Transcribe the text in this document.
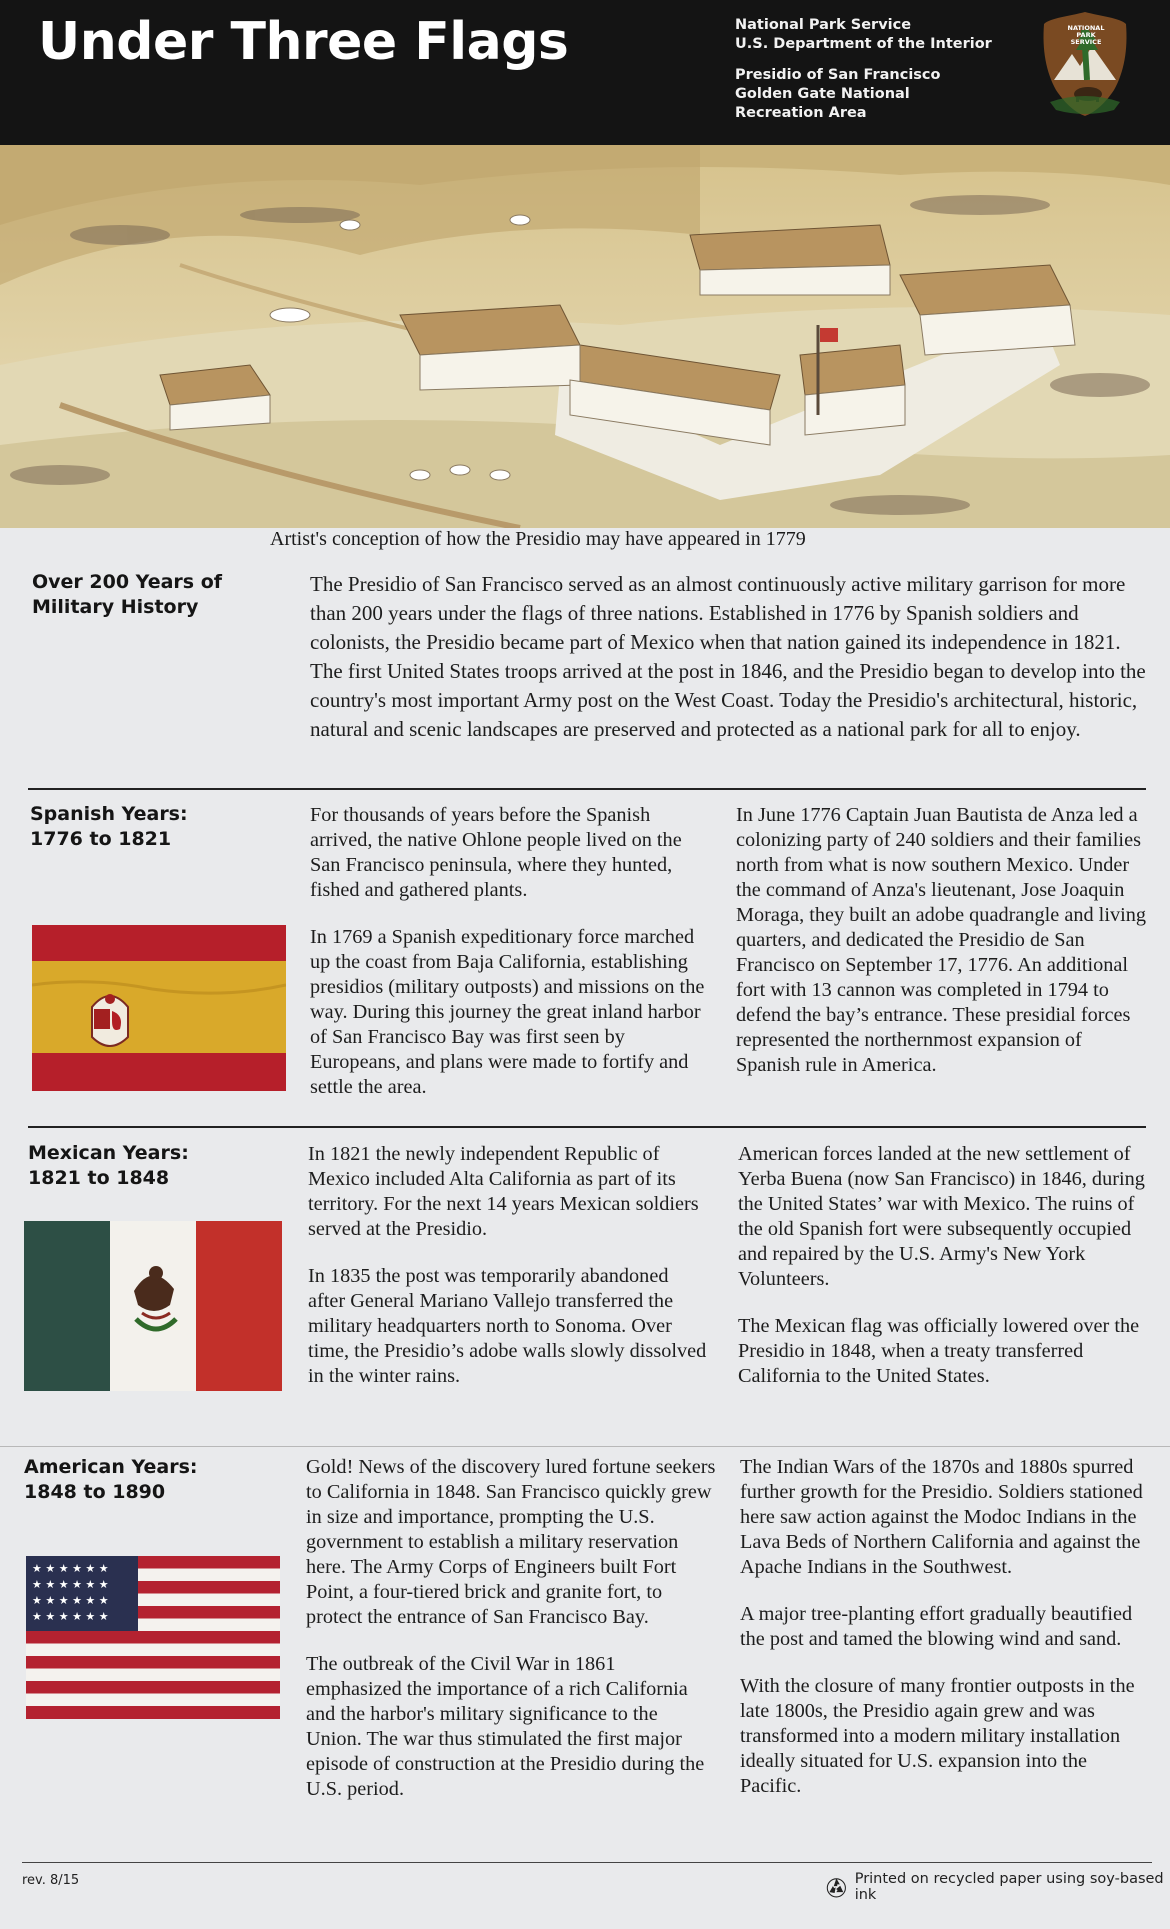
Under Three Flags	National Park Service
U.S. Department of the Interior
Presidio of San Francisco
Golden Gate National
Recreation Area
NATIONAL
PARK
SERVICE
Artist's conception of how the Presidio may have appeared in 1779
Over 200 Years of
Military History
The Presidio of San Francisco served as an almost continuously active military garrison for more than 200 years under the flags of three nations. Established in 1776 by Spanish soldiers and colonists, the Presidio became part of Mexico when that nation gained its independence in 1821. The first United States troops arrived at the post in 1846, and the Presidio began to develop into the country's most important Army post on the West Coast. Today the Presidio's architectural, historic, natural and scenic landscapes are preserved and protected as a national park for all to enjoy.
Spanish Years:
1776 to 1821

For thousands of years before the Spanish arrived, the native Ohlone people lived on the San Francisco peninsula, where they hunted, fished and gathered plants.

In 1769 a Spanish expeditionary force marched up the coast from Baja California, establishing presidios (military outposts) and missions on the way. During this journey the great inland harbor of San Francisco Bay was first seen by Europeans, and plans were made to fortify and settle the area.

In June 1776 Captain Juan Bautista de Anza led a colonizing party of 240 soldiers and their families north from what is now southern Mexico. Under the command of Anza's lieutenant, Jose Joaquin Moraga, they built an adobe quadrangle and living quarters, and dedicated the Presidio de San Francisco on September 17, 1776. An additional fort with 13 cannon was completed in 1794 to defend the bay’s entrance. These presidial forces represented the northernmost expansion of Spanish rule in America.

Mexican Years:
1821 to 1848

In 1821 the newly independent Republic of Mexico included Alta California as part of its territory. For the next 14 years Mexican soldiers served at the Presidio.

In 1835 the post was temporarily abandoned after General Mariano Vallejo transferred the military headquarters north to Sonoma. Over time, the Presidio’s adobe walls slowly dissolved in the winter rains.

American forces landed at the new settlement of Yerba Buena (now San Francisco) in 1846, during the United States’ war with Mexico. The ruins of the old Spanish fort were subsequently occupied and repaired by the U.S. Army's New York Volunteers.

The Mexican flag was officially lowered over the Presidio in 1848, when a treaty transferred California to the United States.

American Years:
1848 to 1890
★ ★ ★ ★ ★ ★
★ ★ ★ ★ ★ ★
★ ★ ★ ★ ★ ★
★ ★ ★ ★ ★ ★

Gold! News of the discovery lured fortune seekers to California in 1848. San Francisco quickly grew in size and importance, prompting the U.S. government to establish a military reservation here. The Army Corps of Engineers built Fort Point, a four-tiered brick and granite fort, to protect the entrance of San Francisco Bay.

The outbreak of the Civil War in 1861 emphasized the importance of a rich California and the harbor's military significance to the Union. The war thus stimulated the first major episode of construction at the Presidio during the U.S. period.

The Indian Wars of the 1870s and 1880s spurred further growth for the Presidio. Soldiers stationed here saw action against the Modoc Indians in the Lava Beds of Northern California and against the Apache Indians in the Southwest.

A major tree-planting effort gradually beautified the post and tamed the blowing wind and sand.

With the closure of many frontier outposts in the late 1800s, the Presidio again grew and was transformed into a modern military installation ideally situated for U.S. expansion into the Pacific.

rev. 8/15	Printed on recycled paper using soy-based ink
